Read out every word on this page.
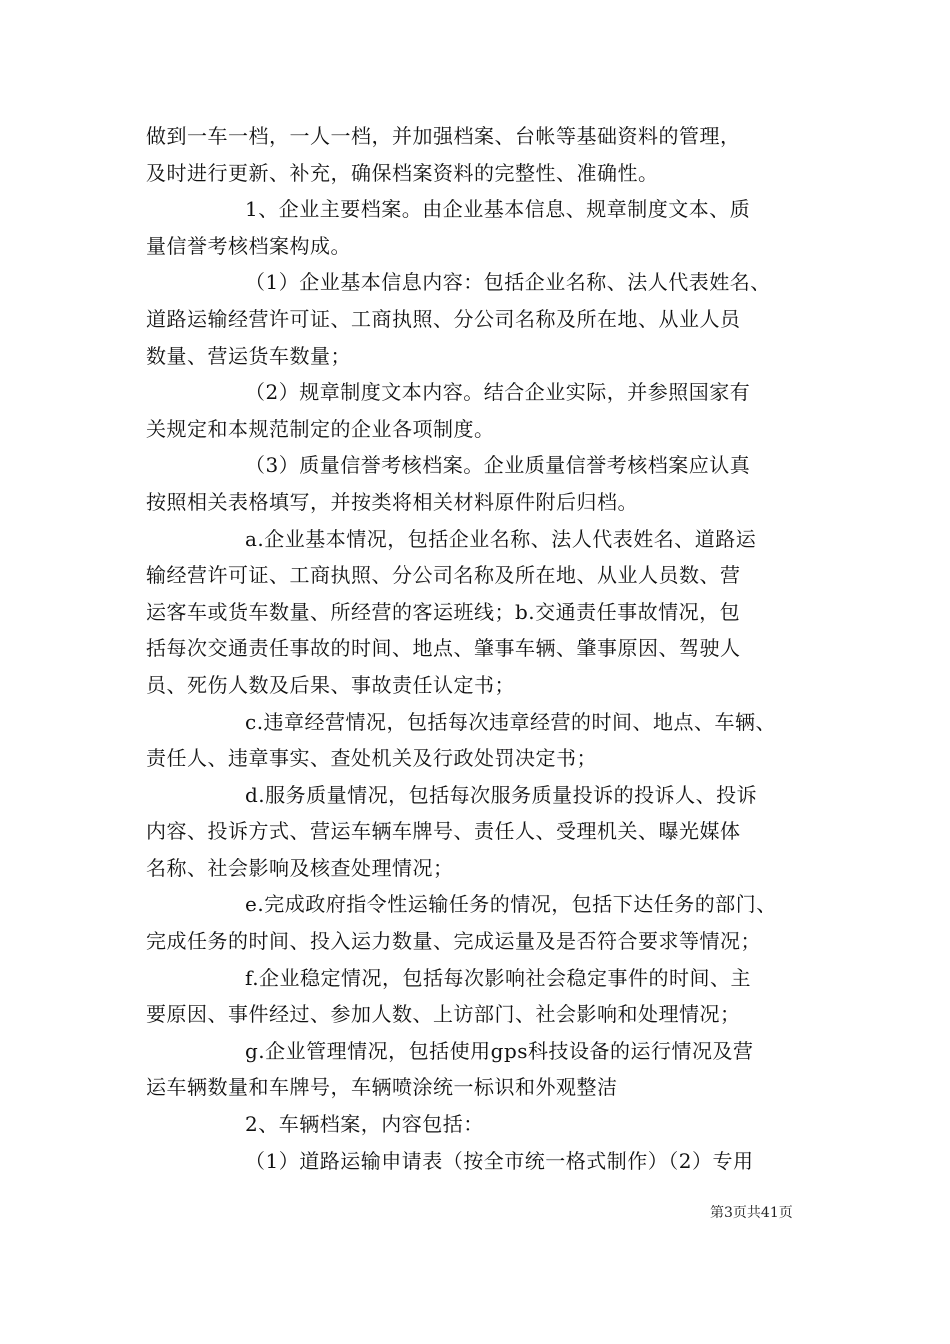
做到一车一档，一人一档，并加强档案、台帐等基础资料的管理，
及时进行更新、补充，确保档案资料的完整性、准确性。
1、企业主要档案。由企业基本信息、规章制度文本、质
量信誉考核档案构成。
（1）企业基本信息内容：包括企业名称、法人代表姓名、
道路运输经营许可证、工商执照、分公司名称及所在地、从业人员
数量、营运货车数量；
（2）规章制度文本内容。结合企业实际，并参照国家有
关规定和本规范制定的企业各项制度。
（3）质量信誉考核档案。企业质量信誉考核档案应认真
按照相关表格填写，并按类将相关材料原件附后归档。
a.企业基本情况，包括企业名称、法人代表姓名、道路运
输经营许可证、工商执照、分公司名称及所在地、从业人员数、营
运客车或货车数量、所经营的客运班线；b.交通责任事故情况，包
括每次交通责任事故的时间、地点、肇事车辆、肇事原因、驾驶人
员、死伤人数及后果、事故责任认定书；
c.违章经营情况，包括每次违章经营的时间、地点、车辆、
责任人、违章事实、查处机关及行政处罚决定书；
d.服务质量情况，包括每次服务质量投诉的投诉人、投诉
内容、投诉方式、营运车辆车牌号、责任人、受理机关、曝光媒体
名称、社会影响及核查处理情况；
e.完成政府指令性运输任务的情况，包括下达任务的部门、
完成任务的时间、投入运力数量、完成运量及是否符合要求等情况；
f.企业稳定情况，包括每次影响社会稳定事件的时间、主
要原因、事件经过、参加人数、上访部门、社会影响和处理情况；
g.企业管理情况，包括使用gps科技设备的运行情况及营
运车辆数量和车牌号，车辆喷涂统一标识和外观整洁
2、车辆档案，内容包括：
（1）道路运输申请表（按全市统一格式制作）（2）专用
第3页共41页
